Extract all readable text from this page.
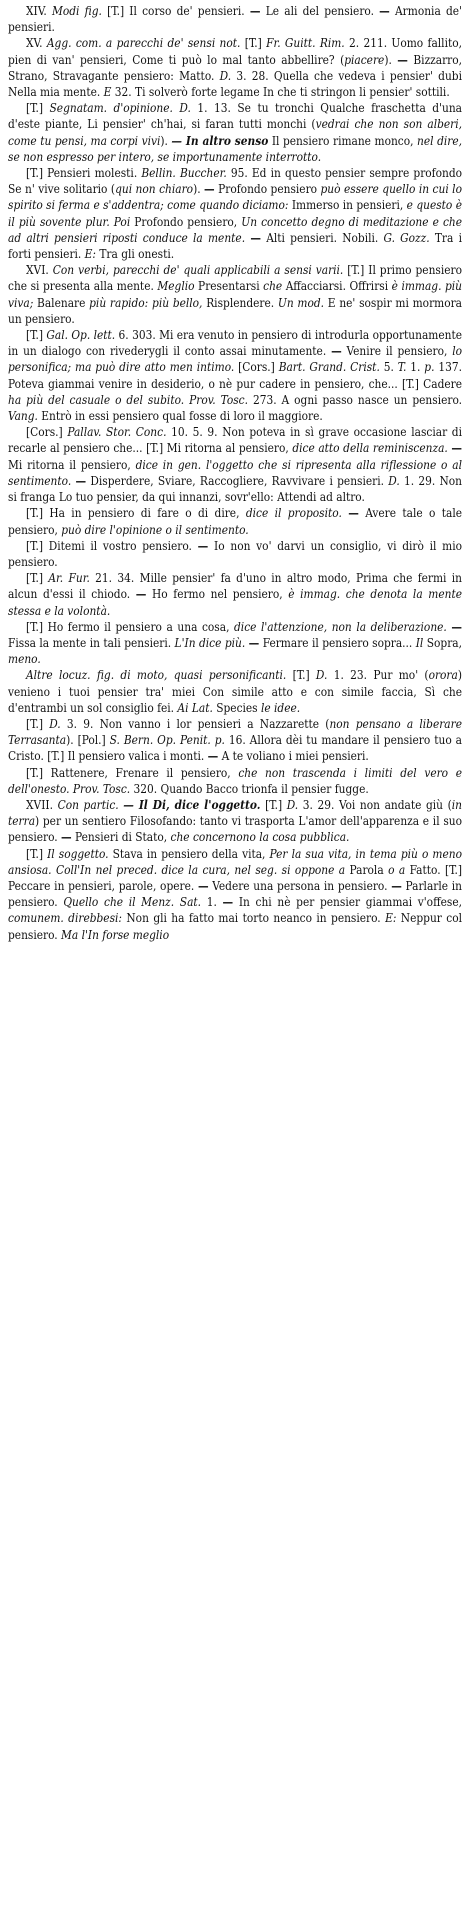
XIV. Modi fig. [T.] Il corso de' pensieri. — Le ali del pensiero. — Armonia de' pensieri.

XV. Agg. com. a parecchi de' sensi not. [T.] Fr. Guitt. Rim. 2. 211. Uomo fallito, pien di van' pensieri, Come ti può lo mal tanto abbellire? (piacere). — Bizzarro, Strano, Stravagante pensiero: Matto. D. 3. 28. Quella che vedeva i pensier' dubi Nella mia mente. E 32. Ti solverò forte legame In che ti stringon li pensier' sottili.

[T.] Segnatam. d'opinione. D. 1. 13. Se tu tronchi Qualche fraschetta d'una d'este piante, Li pensier' ch'hai, si faran tutti monchi (vedrai che non son alberi, come tu pensi, ma corpi vivi). — In altro senso Il pensiero rimane monco, nel dire, se non espresso per intero, se importunamente interrotto.

[T.] Pensieri molesti. Bellin. Buccher. 95. Ed in questo pensier sempre profondo Se n' vive solitario (qui non chiaro). — Profondo pensiero può essere quello in cui lo spirito si ferma e s'addentra; come quando diciamo: Immerso in pensieri, e questo è il più sovente plur. Poi Profondo pensiero, Un concetto degno di meditazione e che ad altri pensieri riposti conduce la mente. — Alti pensieri. Nobili. G. Gozz. Tra i forti pensieri. E: Tra gli onesti.

XVI. Con verbi, parecchi de' quali applicabili a sensi varii. [T.] Il primo pensiero che si presenta alla mente. Meglio Presentarsi che Affacciarsi. Offrirsi è immag. più viva; Balenare più rapido: più bello, Risplendere. Un mod. E ne' sospir mi mormora un pensiero.

[T.] Gal. Op. lett. 6. 303. Mi era venuto in pensiero di introdurla opportunamente in un dialogo con rivederygli il conto assai minutamente. — Venire il pensiero, lo personifica; ma può dire atto men intimo. [Cors.] Bart. Grand. Crist. 5. T. 1. p. 137. Poteva giammai venire in desiderio, o nè pur cadere in pensiero, che... [T.] Cadere ha più del casuale o del subito. Prov. Tosc. 273. A ogni passo nasce un pensiero. Vang. Entrò in essi pensiero qual fosse di loro il maggiore.

[Cors.] Pallav. Stor. Conc. 10. 5. 9. Non poteva in sì grave occasione lasciar di recarle al pensiero che... [T.] Mi ritorna al pensiero, dice atto della reminiscenza. — Mi ritorna il pensiero, dice in gen. l'oggetto che si ripresenta alla riflessione o al sentimento. — Disperdere, Sviare, Raccogliere, Ravvivare i pensieri. D. 1. 29. Non si franga Lo tuo pensier, da qui innanzi, sovr'ello: Attendi ad altro.

[T.] Ha in pensiero di fare o di dire, dice il proposito. — Avere tale o tale pensiero, può dire l'opinione o il sentimento.

[T.] Ditemi il vostro pensiero. — Io non vo' darvi un consiglio, vi dirò il mio pensiero.

[T.] Ar. Fur. 21. 34. Mille pensier' fa d'uno in altro modo, Prima che fermi in alcun d'essi il chiodo. — Ho fermo nel pensiero, è immag. che denota la mente stessa e la volontà.

[T.] Ho fermo il pensiero a una cosa, dice l'attenzione, non la deliberazione. — Fissa la mente in tali pensieri. L'In dice più. — Fermare il pensiero sopra... Il Sopra, meno.

Altre locuz. fig. di moto, quasi personificanti. [T.] D. 1. 23. Pur mo' (orora) venieno i tuoi pensier tra' miei Con simile atto e con simile faccia, Sì che d'entrambi un sol consiglio fei. Ai Lat. Species le idee.

[T.] D. 3. 9. Non vanno i lor pensieri a Nazzarette (non pensano a liberare Terrasanta). [Pol.] S. Bern. Op. Penit. p. 16. Allora dèi tu mandare il pensiero tuo a Cristo. [T.] Il pensiero valica i monti. — A te voliano i miei pensieri.

[T.] Rattenere, Frenare il pensiero, che non trascenda i limiti del vero e dell'onesto. Prov. Tosc. 320. Quando Bacco trionfa il pensier fugge.

XVII. Con partic. — Il Di, dice l'oggetto. [T.] D. 3. 29. Voi non andate giù (in terra) per un sentiero Filosofando: tanto vi trasporta L'amor dell'apparenza e il suo pensiero. — Pensieri di Stato, che concernono la cosa pubblica.

[T.] Il soggetto. Stava in pensiero della vita, Per la sua vita, in tema più o meno ansiosa. Coll'In nel preced. dice la cura, nel seg. si oppone a Parola o a Fatto. [T.] Peccare in pensieri, parole, opere. — Vedere una persona in pensiero. — Parlarle in pensiero. Quello che il Menz. Sat. 1. — In chi nè per pensier giammai v'offese, comunem. direbbesi: Non gli ha fatto mai torto neanco in pensiero. E: Neppur col pensiero. Ma l'In forse meglio
